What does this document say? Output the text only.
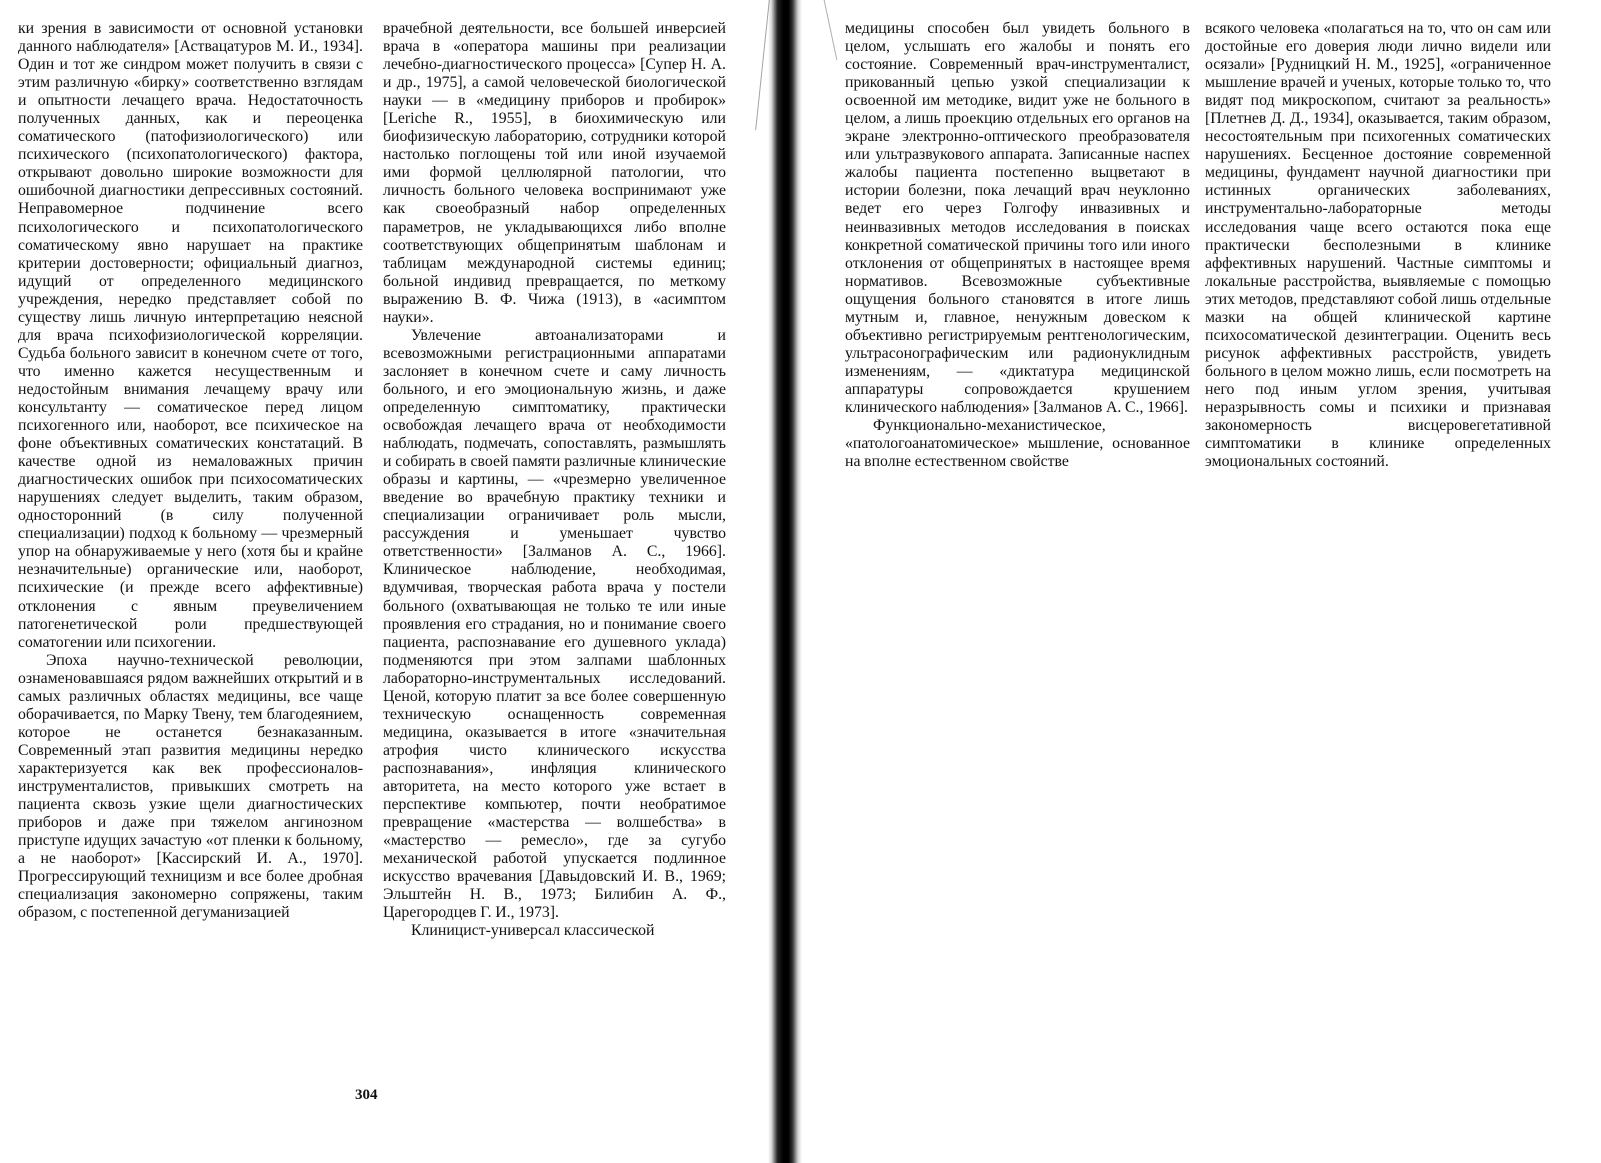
ки зрения в зависимости от основной установки данного наблюдателя» [Аствацатуров М. И., 1934]. Один и тот же синдром может получить в связи с этим различную «бирку» соответственно взглядам и опытности лечащего врача. Недостаточность полученных данных, как и переоценка соматического (патофизиологического) или психического (психопатологического) фактора, открывают довольно широкие возможности для ошибочной диагностики депрессивных состояний. Неправомерное подчинение всего психологического и психопатологического соматическому явно нарушает на практике критерии достоверности; официальный диагноз, идущий от определенного медицинского учреждения, нередко представляет собой по существу лишь личную интерпретацию неясной для врача психофизиологической корреляции. Судьба больного зависит в конечном счете от того, что именно кажется несущественным и недостойным внимания лечащему врачу или консультанту — соматическое перед лицом психогенного или, наоборот, все психическое на фоне объективных соматических констатаций. В качестве одной из немаловажных причин диагностических ошибок при психосоматических нарушениях следует выделить, таким образом, односторонний (в силу полученной специализации) подход к больному — чрезмерный упор на обнаруживаемые у него (хотя бы и крайне незначительные) органические или, наоборот, психические (и прежде всего аффективные) отклонения с явным преувеличением патогенетической роли предшествующей соматогении или психогении.

Эпоха научно-технической революции, ознаменовавшаяся рядом важнейших открытий и в самых различных областях медицины, все чаще оборачивается, по Марку Твену, тем благодеянием, которое не останется безнаказанным. Современный этап развития медицины нередко характеризуется как век профессионалов-инструменталистов, привыкших смотреть на пациента сквозь узкие щели диагностических приборов и даже при тяжелом ангинозном приступе идущих зачастую «от пленки к больному, а не наоборот» [Кассирский И. А., 1970]. Прогрессирующий техницизм и все более дробная специализация закономерно сопряжены, таким образом, с постепенной дегуманизацией

врачебной деятельности, все большей инверсией врача в «оператора машины при реализации лечебно-диагностического процесса» [Супер Н. А. и др., 1975], а самой человеческой биологической науки — в «медицину приборов и пробирок» [Leriche R., 1955], в биохимическую или биофизическую лабораторию, сотрудники которой настолько поглощены той или иной изучаемой ими формой целлюлярной патологии, что личность больного человека воспринимают уже как своеобразный набор определенных параметров, не укладывающихся либо вполне соответствующих общепринятым шаблонам и таблицам международной системы единиц; больной индивид превращается, по меткому выражению В. Ф. Чижа (1913), в «асимптом науки».

Увлечение автоанализаторами и всевозможными регистрационными аппаратами заслоняет в конечном счете и саму личность больного, и его эмоциональную жизнь, и даже определенную симптоматику, практически освобождая лечащего врача от необходимости наблюдать, подмечать, сопоставлять, размышлять и собирать в своей памяти различные клинические образы и картины, — «чрезмерно увеличенное введение во врачебную практику техники и специализации ограничивает роль мысли, рассуждения и уменьшает чувство ответственности» [Залманов А. С., 1966]. Клиническое наблюдение, необходимая, вдумчивая, творческая работа врача у постели больного (охватывающая не только те или иные проявления его страдания, но и понимание своего пациента, распознавание его душевного уклада) подменяются при этом залпами шаблонных лабораторно-инструментальных исследований. Ценой, которую платит за все более совершенную техническую оснащенность современная медицина, оказывается в итоге «значительная атрофия чисто клинического искусства распознавания», инфляция клинического авторитета, на место которого уже встает в перспективе компьютер, почти необратимое превращение «мастерства — волшебства» в «мастерство — ремесло», где за сугубо механической работой упускается подлинное искусство врачевания [Давыдовский И. В., 1969; Эльштейн Н. В., 1973; Билибин А. Ф., Царегородцев Г. И., 1973].

Клиницист-универсал классической

медицины способен был увидеть больного в целом, услышать его жалобы и понять его состояние. Современный врач-инструменталист, прикованный цепью узкой специализации к освоенной им методике, видит уже не больного в целом, а лишь проекцию отдельных его органов на экране электронно-оптического преобразователя или ультразвукового аппарата. Записанные наспех жалобы пациента постепенно выцветают в истории болезни, пока лечащий врач неуклонно ведет его через Голгофу инвазивных и неинвазивных методов исследования в поисках конкретной соматической причины того или иного отклонения от общепринятых в настоящее время нормативов. Всевозможные субъективные ощущения больного становятся в итоге лишь мутным и, главное, ненужным довеском к объективно регистрируемым рентгенологическим, ультрасонографическим или радионуклидным изменениям, — «диктатура медицинской аппаратуры сопровождается крушением клинического наблюдения» [Залманов А. С., 1966].

Функционально-механистическое, «патологоанатомическое» мышление, основанное на вполне естественном свойстве

всякого человека «полагаться на то, что он сам или достойные его доверия люди лично видели или осязали» [Рудницкий Н. М., 1925], «ограниченное мышление врачей и ученых, которые только то, что видят под микроскопом, считают за реальность» [Плетнев Д. Д., 1934], оказывается, таким образом, несостоятельным при психогенных соматических нарушениях. Бесценное достояние современной медицины, фундамент научной диагностики при истинных органических заболеваниях, инструментально-лабораторные методы исследования чаще всего остаются пока еще практически бесполезными в клинике аффективных нарушений. Частные симптомы и локальные расстройства, выявляемые с помощью этих методов, представляют собой лишь отдельные мазки на общей клинической картине психосоматической дезинтеграции. Оценить весь рисунок аффективных расстройств, увидеть больного в целом можно лишь, если посмотреть на него под иным углом зрения, учитывая неразрывность сомы и психики и признавая закономерность висцеровегетативной симптоматики в клинике определенных эмоциональных состояний.

304
